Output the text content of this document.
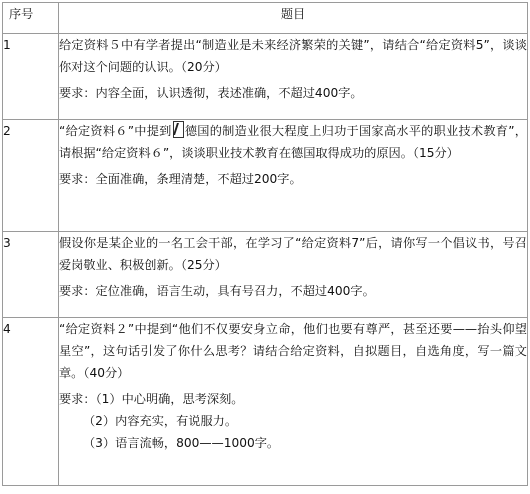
序号	题目
1	给定资料５中有学者提出“制造业是未来经济繁荣的关键”，请结合“给定资料5”，谈谈你对这个问题的认识。（20分）

要求：内容全面，认识透彻，表述准确，不超过400字。

2	“给定资料６”中提到 德国的制造业很大程度上归功于国家高水平的职业技术教育”，请根据“给定资料６”，谈谈职业技术教育在德国取得成功的原因。（15分）

要求：全面准确，条理清楚，不超过200字。

3	假设你是某企业的一名工会干部，在学习了“给定资料7”后，请你写一个倡议书，号召爱岗敬业、积极创新。（25分）

要求：定位准确，语言生动，具有号召力，不超过400字。

4	“给定资料２”中提到“他们不仅要安身立命，他们也要有尊严，甚至还要——抬头仰望星空”，这句话引发了你什么思考？请结合给定资料，自拟题目，自选角度，写一篇文章。（40分）

要求：（1）中心明确，思考深刻。

（2）内容充实，有说服力。

（3）语言流畅，800——1000字。
